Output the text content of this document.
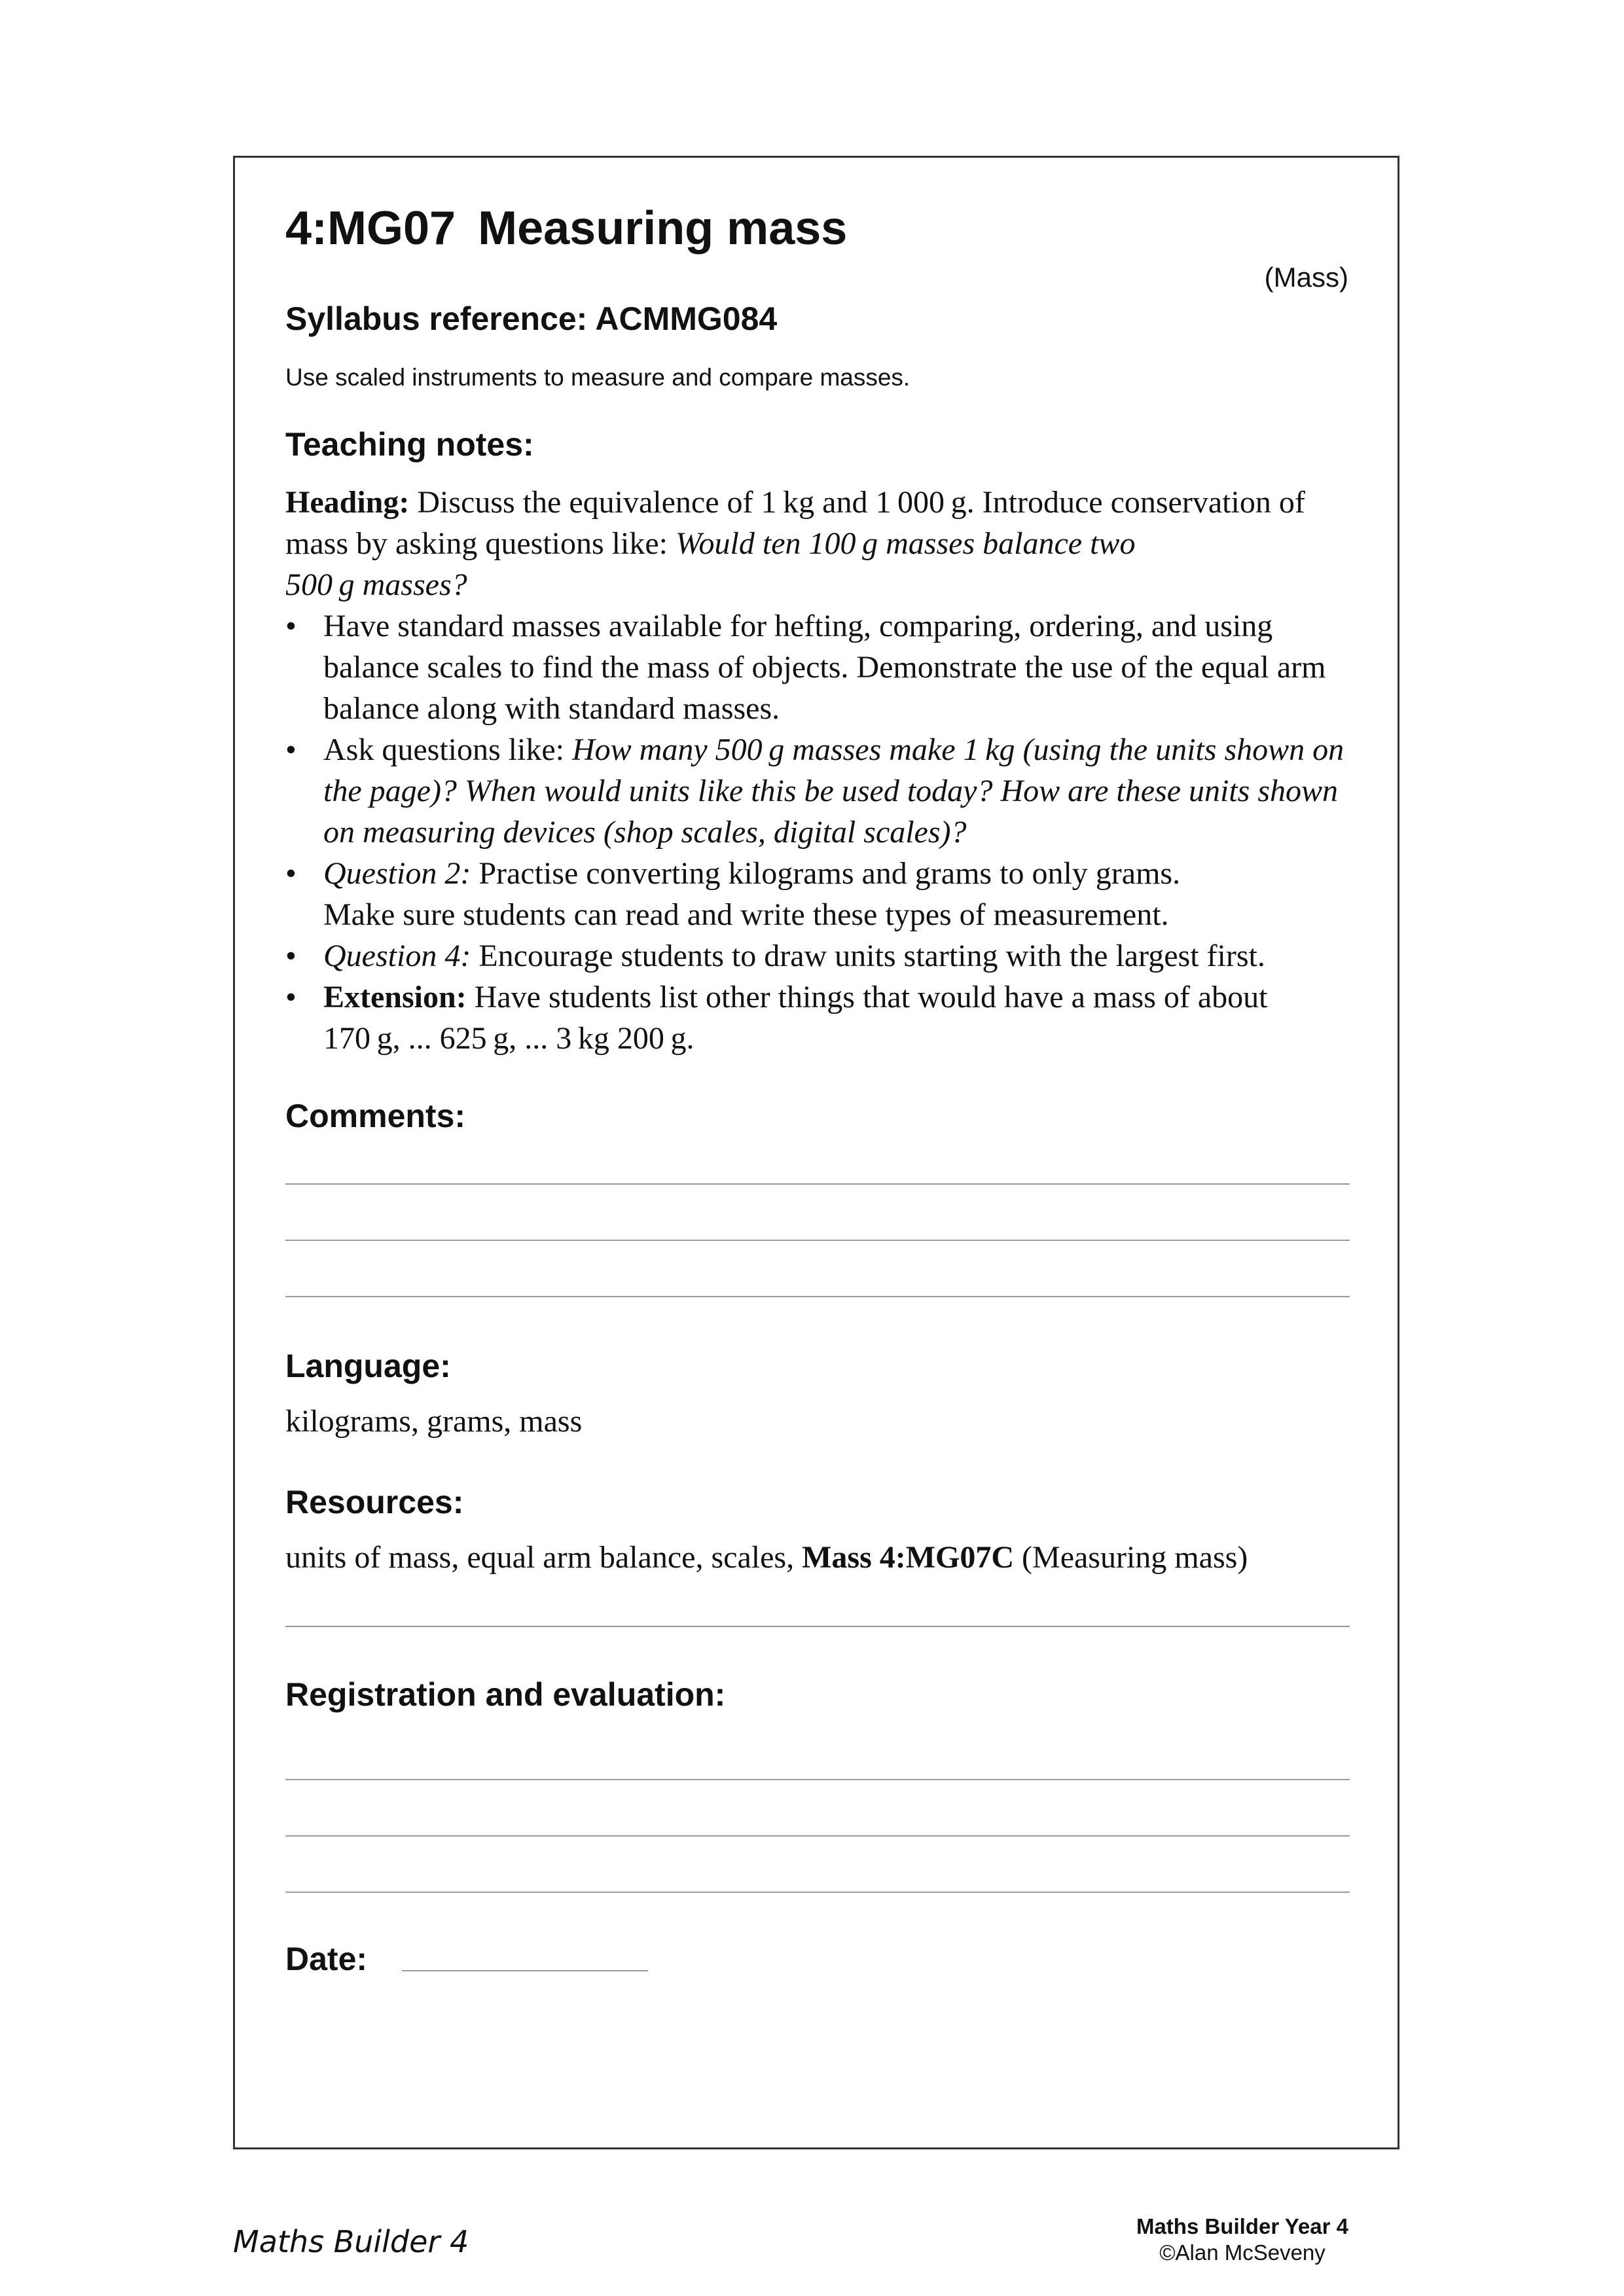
4:MG07 Measuring mass
(Mass)
Syllabus reference: ACMMG084
Use scaled instruments to measure and compare masses.
Teaching notes:

Heading: Discuss the equivalence of 1 kg and 1 000 g. Introduce conservation of mass by asking questions like: Would ten 100 g masses balance two
500 g masses?

• Have standard masses available for hefting, comparing, ordering, and using balance scales to find the mass of objects. Demonstrate the use of the equal arm balance along with standard masses.
• Ask questions like: How many 500 g masses make 1 kg (using the units shown on the page)? When would units like this be used today? How are these units shown on measuring devices (shop scales, digital scales)?
• Question 2: Practise converting kilograms and grams to only grams.
Make sure students can read and write these types of measurement.
• Question 4: Encourage students to draw units starting with the largest first.
• Extension: Have students list other things that would have a mass of about
170 g, ... 625 g, ... 3 kg 200 g.
Comments:
Language:
kilograms, grams, mass
Resources:
units of mass, equal arm balance, scales, Mass 4:MG07C (Measuring mass)
Registration and evaluation:
Date:
Maths Builder 4	Maths Builder Year 4
©Alan McSeveny
